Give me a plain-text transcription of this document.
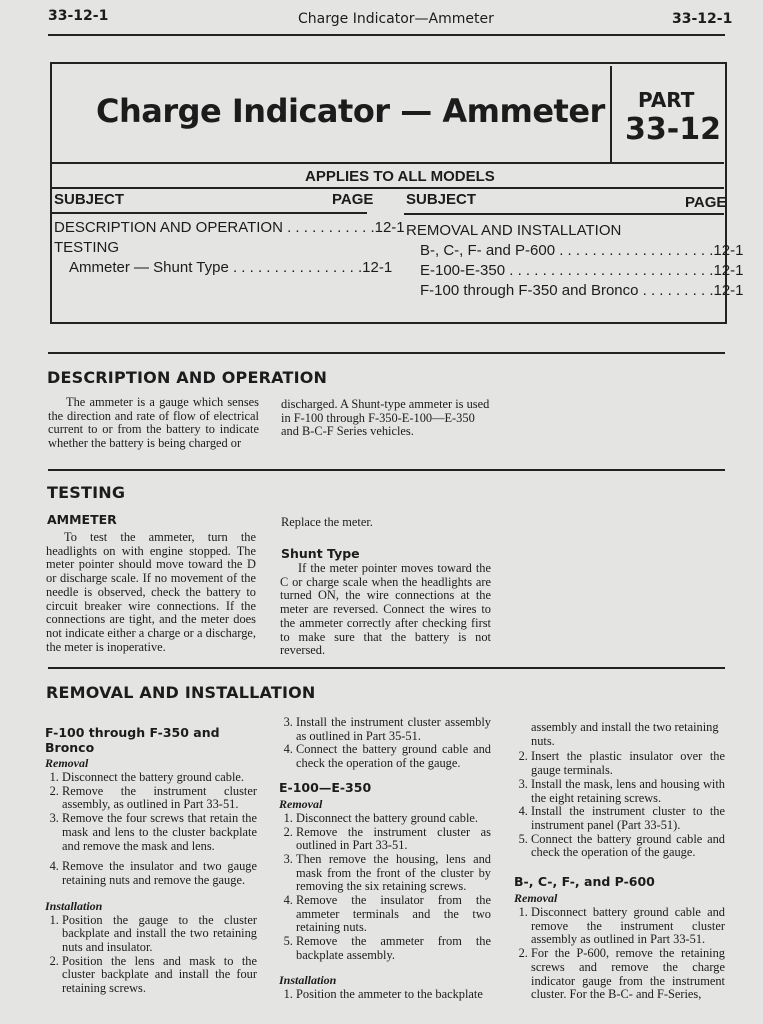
33-12-1	Charge Indicator—Ammeter	33-12-1
Charge Indicator — Ammeter PART
33-12
APPLIES TO ALL MODELS
SUBJECT	PAGE SUBJECT	PAGE
DESCRIPTION AND OPERATION . . . . . . . . . . .12-1
TESTING
Ammeter — Shunt Type . . . . . . . . . . . . . . . .12-1
REMOVAL AND INSTALLATION
B-, C-, F- and P-600 . . . . . . . . . . . . . . . . . . .12-1
E-100-E-350 . . . . . . . . . . . . . . . . . . . . . . . . .12-1
F-100 through F-350 and Bronco . . . . . . . . .12-1
DESCRIPTION AND OPERATION
The ammeter is a gauge which senses the direction and rate of flow of electrical current to or from the battery to indicate whether the battery is being charged or
discharged. A Shunt-type ammeter is used in F-100 through F-350-E-100—E-350 and B-C-F Series vehicles.
TESTING
AMMETER
To test the ammeter, turn the headlights on with engine stopped. The meter pointer should move toward the D or discharge scale. If no movement of the needle is observed, check the battery to circuit breaker wire connections. If the connections are tight, and the meter does not indicate either a charge or a discharge, the meter is inoperative.
Replace the meter.
Shunt Type
If the meter pointer moves toward the C or charge scale when the headlights are turned ON, the wire connections at the meter are reversed. Connect the wires to the ammeter correctly after checking first to make sure that the battery is not reversed.
REMOVAL AND INSTALLATION
F-100 through F-350 and Bronco
Removal
1. Disconnect the battery ground cable.
2. Remove the instrument cluster assembly, as outlined in Part 33-51.
3. Remove the four screws that retain the mask and lens to the cluster backplate and remove the mask and lens.
4. Remove the insulator and two gauge retaining nuts and remove the gauge.
Installation
1. Position the gauge to the cluster backplate and install the two retaining nuts and insulator.
2. Position the lens and mask to the cluster backplate and install the four retaining screws.
3. Install the instrument cluster assembly as outlined in Part 35-51.
4. Connect the battery ground cable and check the operation of the gauge.
E-100—E-350
Removal
1. Disconnect the battery ground cable.
2. Remove the instrument cluster as outlined in Part 33-51.
3. Then remove the housing, lens and mask from the front of the cluster by removing the six retaining screws.
4. Remove the insulator from the ammeter terminals and the two retaining nuts.
5. Remove the ammeter from the backplate assembly.
Installation
1. Position the ammeter to the backplate
assembly and install the two retaining nuts.
2. Insert the plastic insulator over the gauge terminals.
3. Install the mask, lens and housing with the eight retaining screws.
4. Install the instrument cluster to the instrument panel (Part 33-51).
5. Connect the battery ground cable and check the operation of the gauge.
B-, C-, F-, and P-600
Removal
1. Disconnect battery ground cable and remove the instrument cluster assembly as outlined in Part 33-51.
2. For the P-600, remove the retaining screws and remove the charge indicator gauge from the instrument cluster. For the B-C- and F-Series,
